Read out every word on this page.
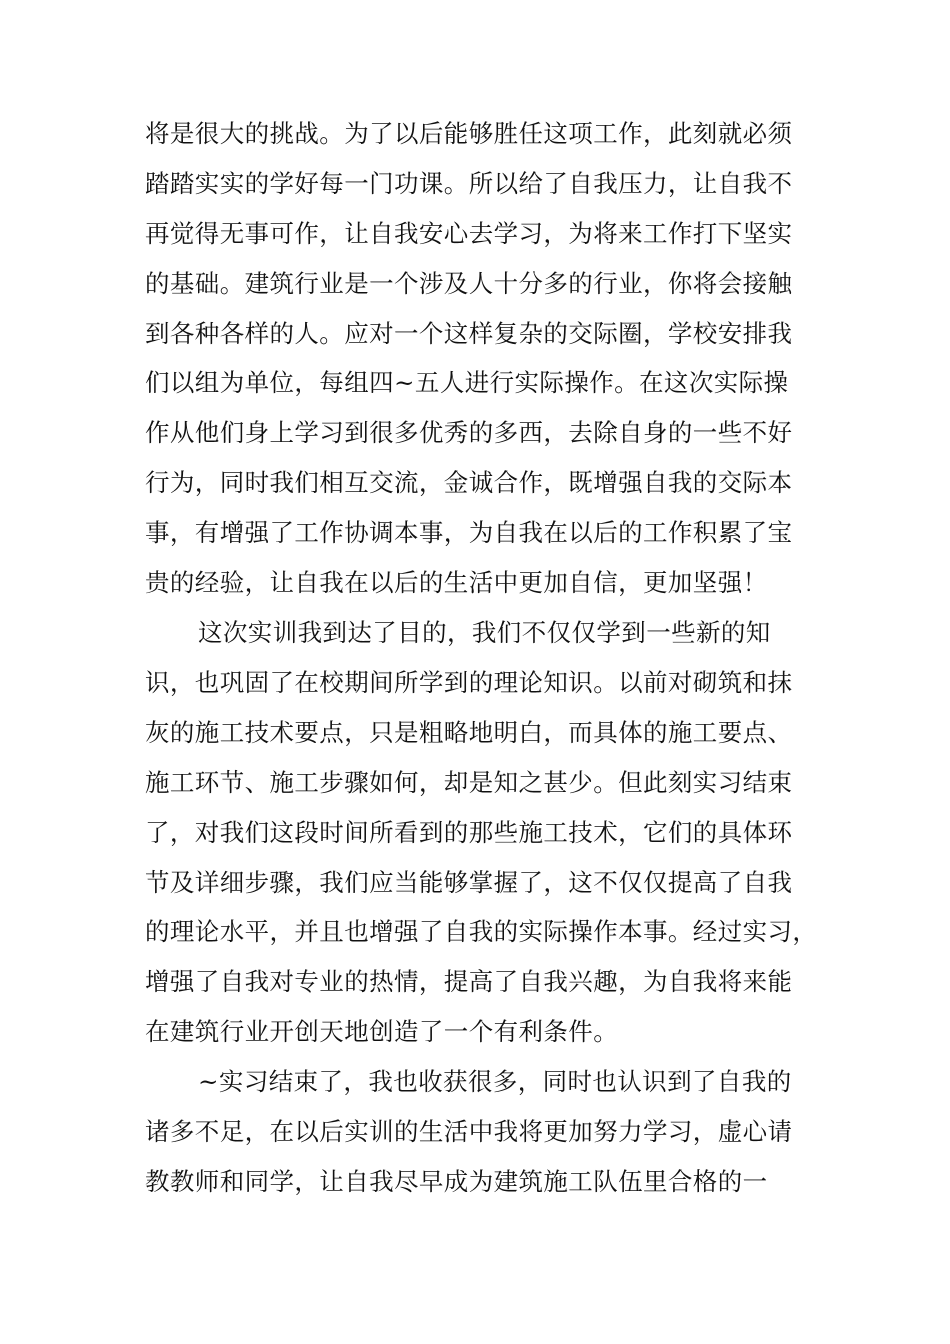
将是很大的挑战。为了以后能够胜任这项工作，此刻就必须
踏踏实实的学好每一门功课。所以给了自我压力，让自我不
再觉得无事可作，让自我安心去学习，为将来工作打下坚实
的基础。建筑行业是一个涉及人十分多的行业，你将会接触
到各种各样的人。应对一个这样复杂的交际圈，学校安排我
们以组为单位，每组四~五人进行实际操作。在这次实际操
作从他们身上学习到很多优秀的多西，去除自身的一些不好
行为，同时我们相互交流，金诚合作，既增强自我的交际本
事，有增强了工作协调本事，为自我在以后的工作积累了宝
贵的经验，让自我在以后的生活中更加自信，更加坚强！
这次实训我到达了目的，我们不仅仅学到一些新的知
识，也巩固了在校期间所学到的理论知识。以前对砌筑和抹
灰的施工技术要点，只是粗略地明白，而具体的施工要点、
施工环节、施工步骤如何，却是知之甚少。但此刻实习结束
了，对我们这段时间所看到的那些施工技术，它们的具体环
节及详细步骤，我们应当能够掌握了，这不仅仅提高了自我
的理论水平，并且也增强了自我的实际操作本事。经过实习，
增强了自我对专业的热情，提高了自我兴趣，为自我将来能
在建筑行业开创天地创造了一个有利条件。
~实习结束了，我也收获很多，同时也认识到了自我的
诸多不足，在以后实训的生活中我将更加努力学习，虚心请
教教师和同学，让自我尽早成为建筑施工队伍里合格的一
